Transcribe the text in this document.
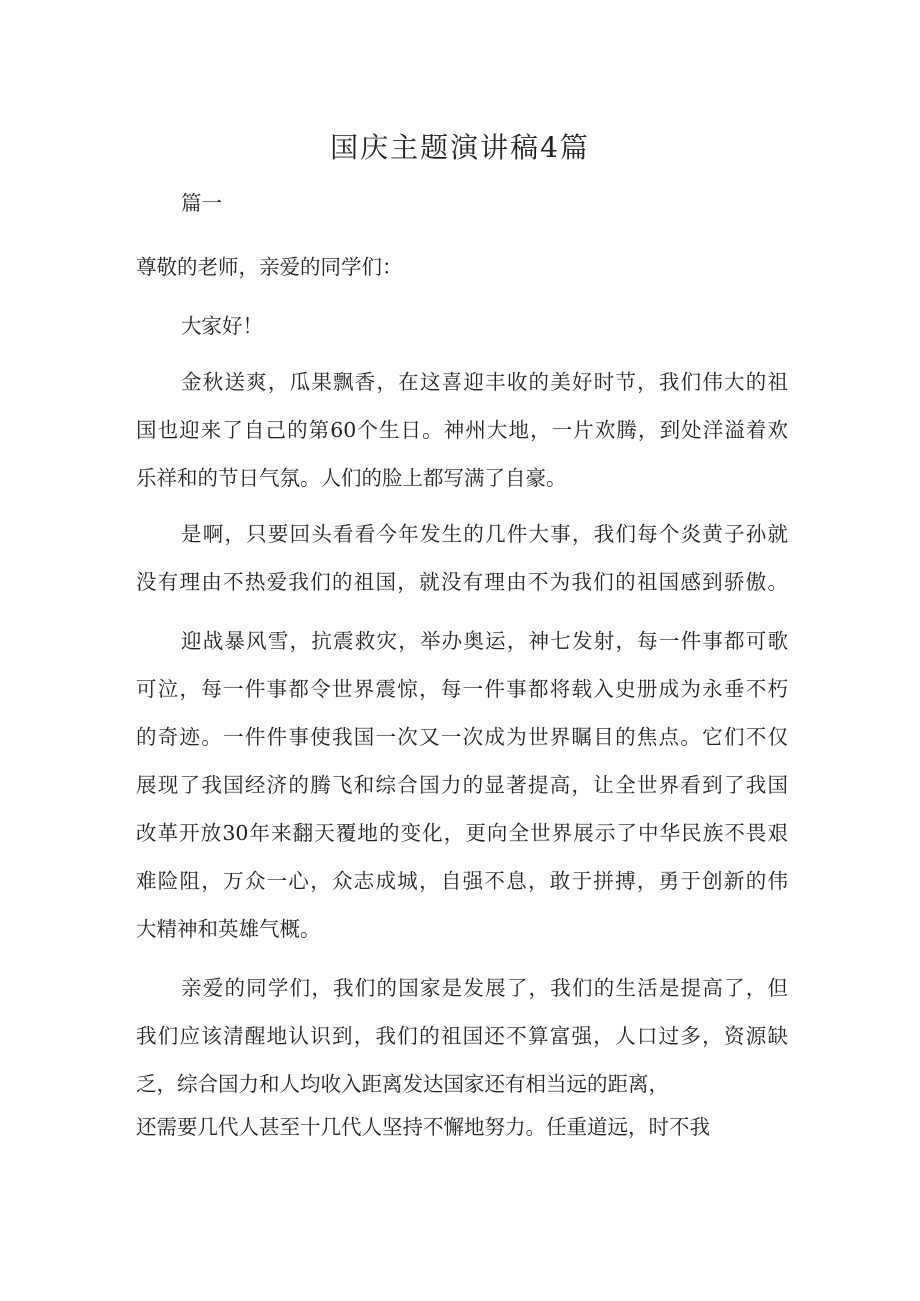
国庆主题演讲稿4篇
篇一
尊敬的老师，亲爱的同学们：
大家好！
金秋送爽，瓜果飘香，在这喜迎丰收的美好时节，我们伟大的祖
国也迎来了自己的第60个生日。神州大地，一片欢腾，到处洋溢着欢
乐祥和的节日气氛。人们的脸上都写满了自豪。
是啊，只要回头看看今年发生的几件大事，我们每个炎黄子孙就
没有理由不热爱我们的祖国，就没有理由不为我们的祖国感到骄傲。
迎战暴风雪，抗震救灾，举办奥运，神七发射，每一件事都可歌
可泣，每一件事都令世界震惊，每一件事都将载入史册成为永垂不朽
的奇迹。一件件事使我国一次又一次成为世界瞩目的焦点。它们不仅
展现了我国经济的腾飞和综合国力的显著提高，让全世界看到了我国
改革开放30年来翻天覆地的变化，更向全世界展示了中华民族不畏艰
难险阻，万众一心，众志成城，自强不息，敢于拼搏，勇于创新的伟
大精神和英雄气概。
亲爱的同学们，我们的国家是发展了，我们的生活是提高了，但
我们应该清醒地认识到，我们的祖国还不算富强，人口过多，资源缺
乏，综合国力和人均收入距离发达国家还有相当远的距离，
还需要几代人甚至十几代人坚持不懈地努力。任重道远，时不我
